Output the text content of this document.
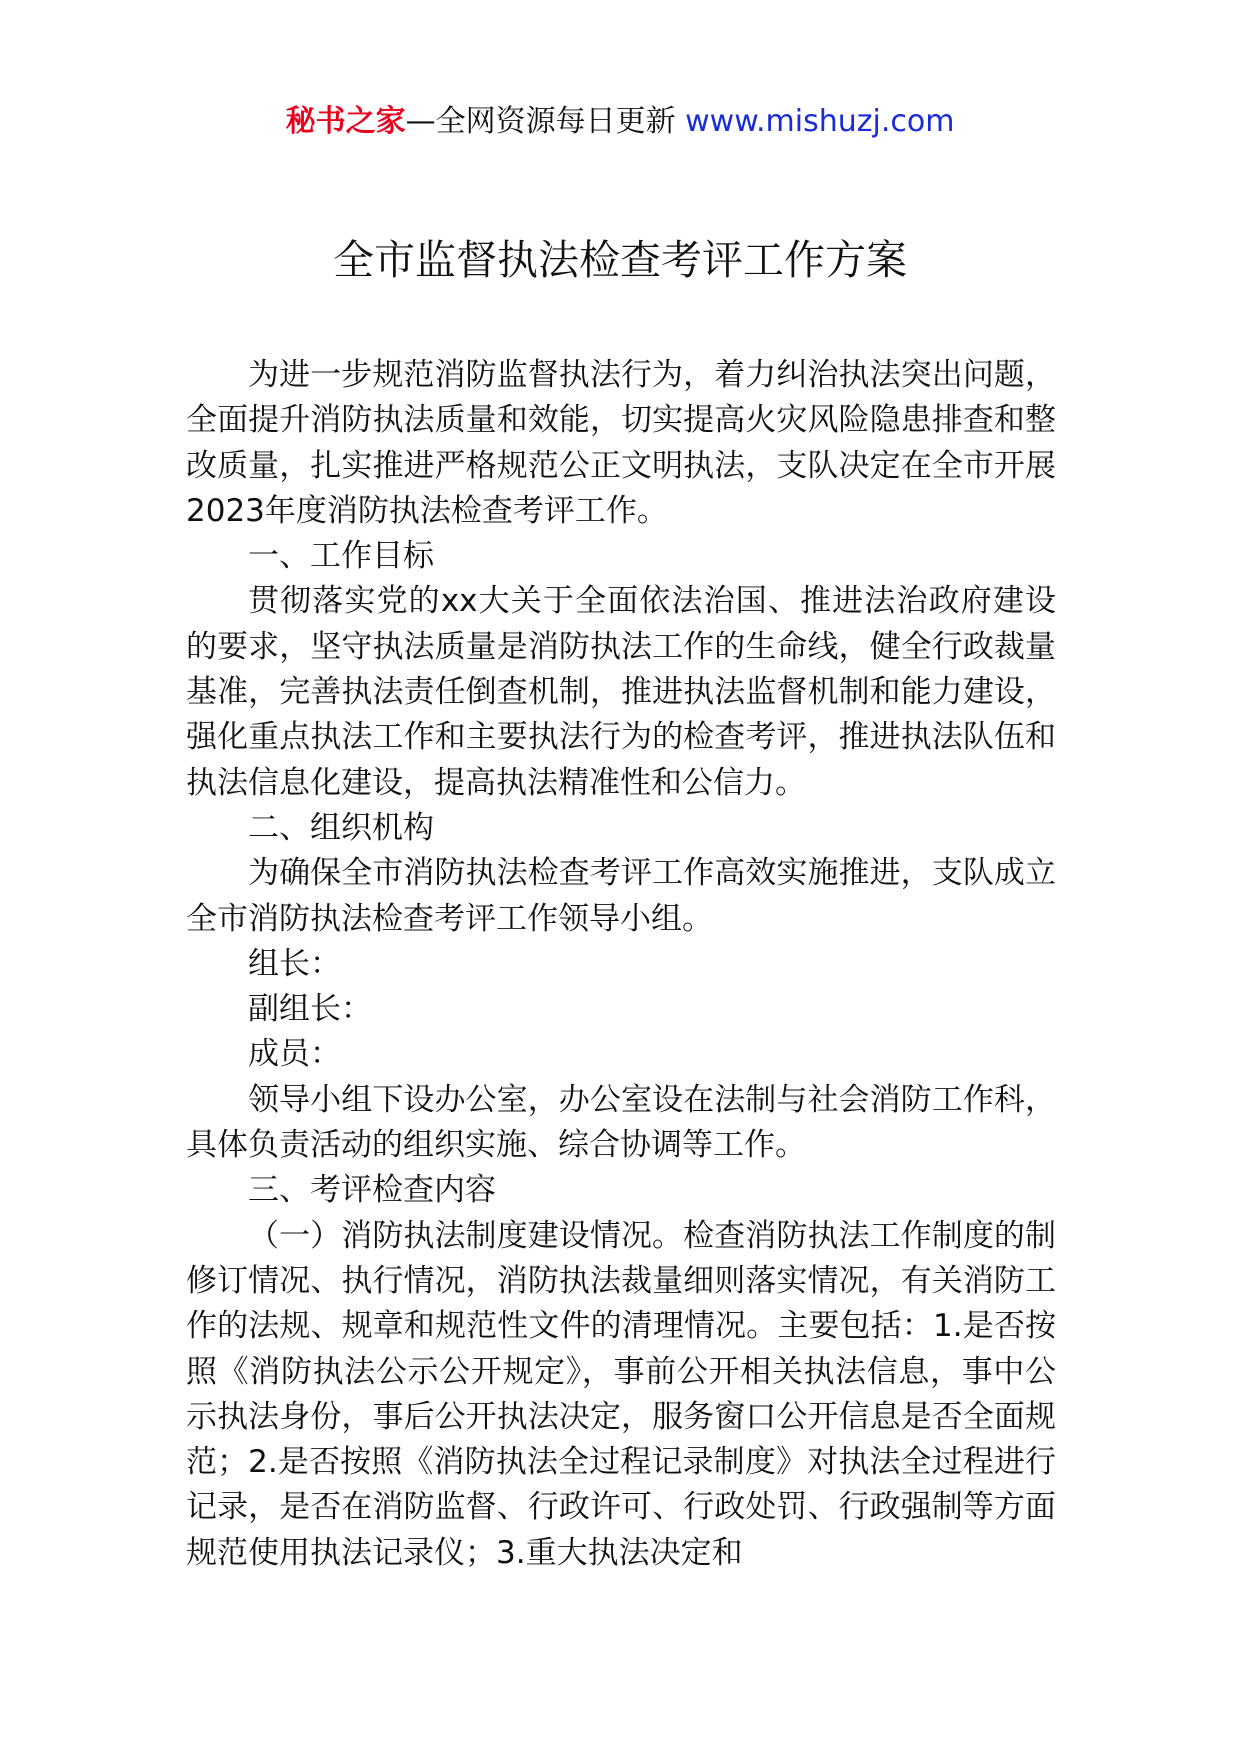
秘书之家—全网资源每日更新 www.mishuzj.com
全市监督执法检查考评工作方案

为进一步规范消防监督执法行为，着力纠治执法突出问题，全面提升消防执法质量和效能，切实提高火灾风险隐患排查和整改质量，扎实推进严格规范公正文明执法，支队决定在全市开展2023年度消防执法检查考评工作。

一、工作目标

贯彻落实党的xx大关于全面依法治国、推进法治政府建设的要求，坚守执法质量是消防执法工作的生命线，健全行政裁量基准，完善执法责任倒查机制，推进执法监督机制和能力建设，强化重点执法工作和主要执法行为的检查考评，推进执法队伍和执法信息化建设，提高执法精准性和公信力。

二、组织机构

为确保全市消防执法检查考评工作高效实施推进，支队成立全市消防执法检查考评工作领导小组。

组长：

副组长：

成员：

领导小组下设办公室，办公室设在法制与社会消防工作科，具体负责活动的组织实施、综合协调等工作。

三、考评检查内容

（一）消防执法制度建设情况。检查消防执法工作制度的制修订情况、执行情况，消防执法裁量细则落实情况，有关消防工作的法规、规章和规范性文件的清理情况。主要包括：1.是否按照《消防执法公示公开规定》，事前公开相关执法信息，事中公示执法身份，事后公开执法决定，服务窗口公开信息是否全面规范；2.是否按照《消防执法全过程记录制度》对执法全过程进行记录，是否在消防监督、行政许可、行政处罚、行政强制等方面规范使用执法记录仪；3.重大执法决定和
